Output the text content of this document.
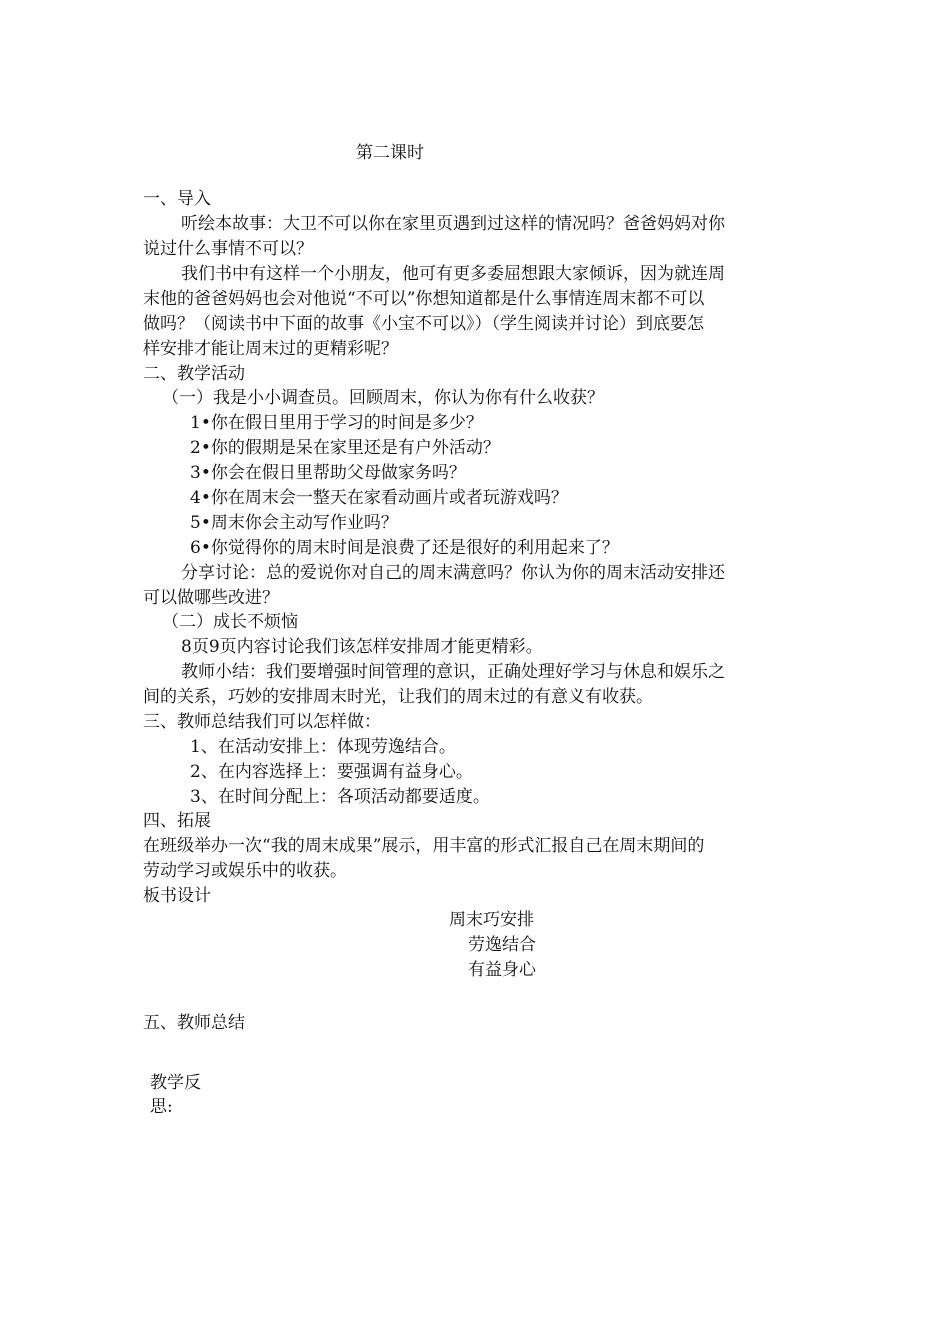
第二课时
一、导入
听绘本故事：大卫不可以你在家里页遇到过这样的情况吗？爸爸妈妈对你
说过什么事情不可以？
我们书中有这样一个小朋友，他可有更多委屈想跟大家倾诉，因为就连周
末他的爸爸妈妈也会对他说“不可以”你想知道都是什么事情连周末都不可以
做吗？（阅读书中下面的故事《小宝不可以》）（学生阅读并讨论）到底要怎
样安排才能让周末过的更精彩呢？
二、教学活动
（一）我是小小调查员。回顾周末，你认为你有什么收获？
1•你在假日里用于学习的时间是多少？
2•你的假期是呆在家里还是有户外活动？
3•你会在假日里帮助父母做家务吗？
4•你在周末会一整天在家看动画片或者玩游戏吗？
5•周末你会主动写作业吗？
6•你觉得你的周末时间是浪费了还是很好的利用起来了？
分享讨论：总的爱说你对自己的周末满意吗？你认为你的周末活动安排还
可以做哪些改进？
（二）成长不烦恼
8页9页内容讨论我们该怎样安排周才能更精彩。
教师小结：我们要增强时间管理的意识，正确处理好学习与休息和娱乐之
间的关系，巧妙的安排周末时光，让我们的周末过的有意义有收获。
三、教师总结我们可以怎样做：
1、在活动安排上：体现劳逸结合。
2、在内容选择上：要强调有益身心。
3、在时间分配上：各项活动都要适度。
四、拓展
在班级举办一次“我的周末成果”展示，用丰富的形式汇报自己在周末期间的
劳动学习或娱乐中的收获。
板书设计
周末巧安排
劳逸结合
有益身心
五、教师总结
教学反
思:
